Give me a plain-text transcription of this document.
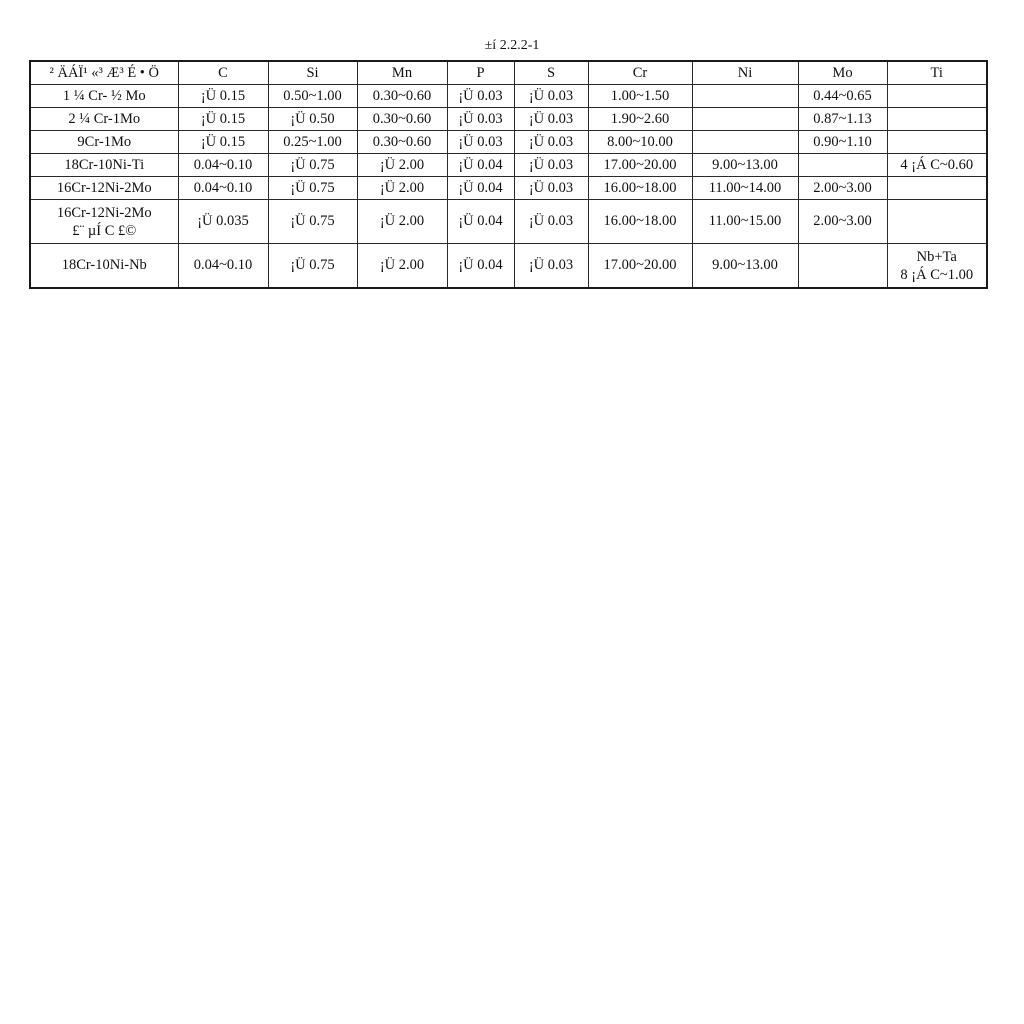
±í 2.2.2-1
² ÄÁÏ¹ «³ Æ³ É • Ö	C	Si	Mn	P	S	Cr	Ni	Mo	Ti
1 ¼ Cr- ½ Mo	¡Ü 0.15	0.50~1.00	0.30~0.60	¡Ü 0.03	¡Ü 0.03	1.00~1.50		0.44~0.65	
2 ¼ Cr-1Mo	¡Ü 0.15	¡Ü 0.50	0.30~0.60	¡Ü 0.03	¡Ü 0.03	1.90~2.60		0.87~1.13	
9Cr-1Mo	¡Ü 0.15	0.25~1.00	0.30~0.60	¡Ü 0.03	¡Ü 0.03	8.00~10.00		0.90~1.10	
18Cr-10Ni-Ti	0.04~0.10	¡Ü 0.75	¡Ü 2.00	¡Ü 0.04	¡Ü 0.03	17.00~20.00	9.00~13.00		4 ¡Á C~0.60
16Cr-12Ni-2Mo	0.04~0.10	¡Ü 0.75	¡Ü 2.00	¡Ü 0.04	¡Ü 0.03	16.00~18.00	11.00~14.00	2.00~3.00	

16Cr-12Ni-2Mo
£¨ µÍ C £©	¡Ü 0.035	¡Ü 0.75	¡Ü 2.00	¡Ü 0.04	¡Ü 0.03	16.00~18.00	11.00~15.00	2.00~3.00	
18Cr-10Ni-Nb	0.04~0.10	¡Ü 0.75	¡Ü 2.00	¡Ü 0.04	¡Ü 0.03	17.00~20.00	9.00~13.00		Nb+Ta
8 ¡Á C~1.00
